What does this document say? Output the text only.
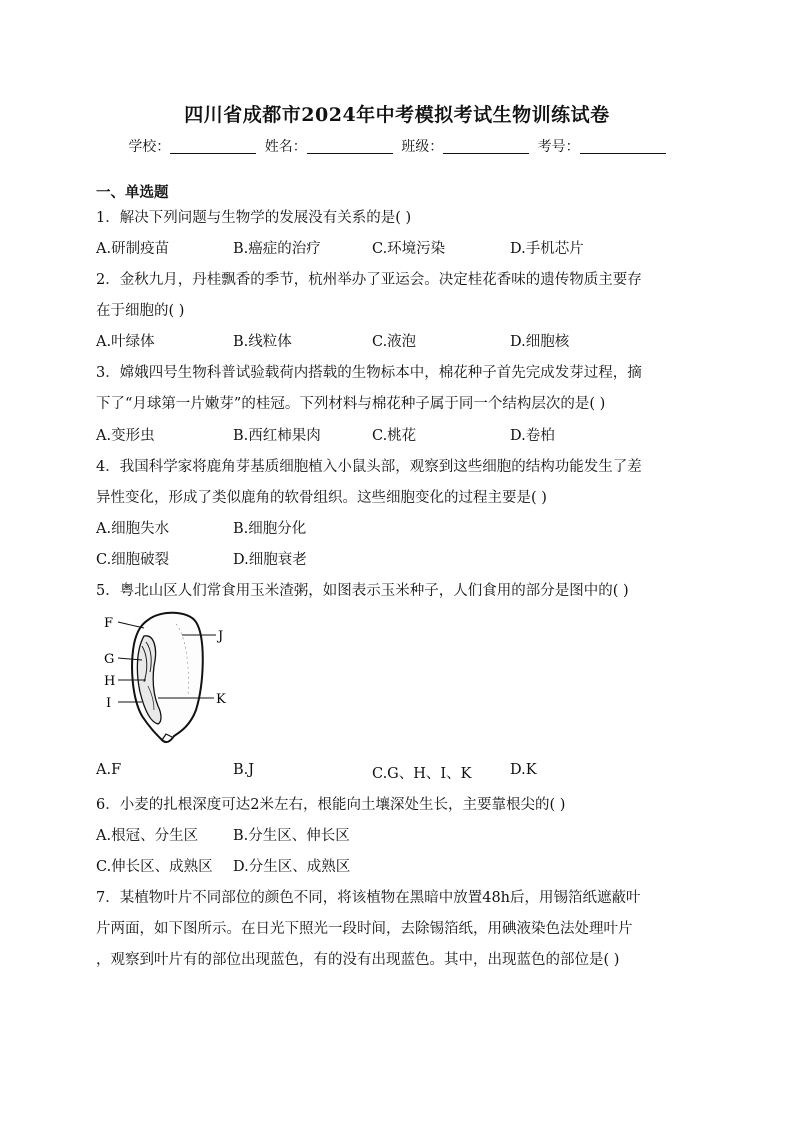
四川省成都市2024年中考模拟考试生物训练试卷
学校：	姓名：	班级：	考号：
一、单选题
1．解决下列问题与生物学的发展没有关系的是( )
A.研制疫苗	B.癌症的治疗	C.环境污染	D.手机芯片
2．金秋九月，丹桂飘香的季节，杭州举办了亚运会。决定桂花香味的遗传物质主要存
在于细胞的( )
A.叶绿体	B.线粒体	C.液泡	D.细胞核
3．嫦娥四号生物科普试验载荷内搭载的生物标本中，棉花种子首先完成发芽过程，摘
下了“月球第一片嫩芽”的桂冠。下列材料与棉花种子属于同一个结构层次的是( )
A.变形虫	B.西红柿果肉	C.桃花	D.卷柏
4．我国科学家将鹿角芽基质细胞植入小鼠头部，观察到这些细胞的结构功能发生了差
异性变化，形成了类似鹿角的软骨组织。这些细胞变化的过程主要是( )
A.细胞失水	B.细胞分化
C.细胞破裂	D.细胞衰老
5．粤北山区人们常食用玉米渣粥，如图表示玉米种子，人们食用的部分是图中的( )
F
J
G
H
K
I
A.F	B.J	C.G、H、I、K	D.K
6．小麦的扎根深度可达2米左右，根能向土壤深处生长，主要靠根尖的( )
A.根冠、分生区 B.分生区、伸长区
C.伸长区、成熟区 D.分生区、成熟区
7．某植物叶片不同部位的颜色不同，将该植物在黑暗中放置48h后，用锡箔纸遮蔽叶
片两面，如下图所示。在日光下照光一段时间，去除锡箔纸，用碘液染色法处理叶片
，观察到叶片有的部位出现蓝色，有的没有出现蓝色。其中，出现蓝色的部位是( )
